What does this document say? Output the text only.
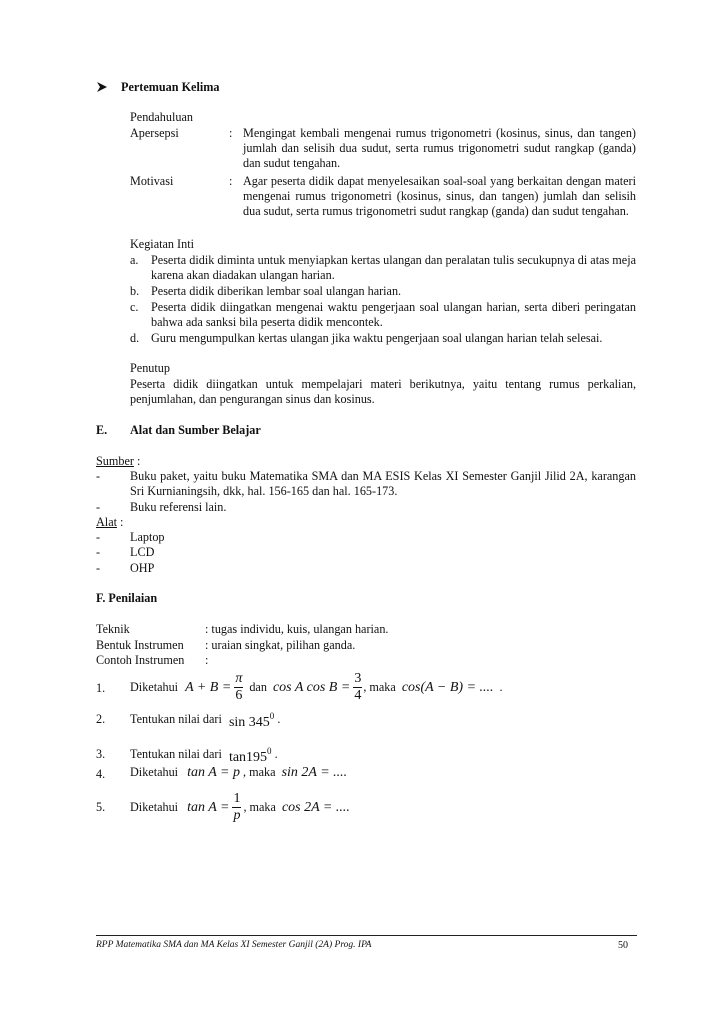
Pertemuan Kelima
Pendahuluan
Apersepsi	: Mengingat kembali mengenai rumus trigonometri (kosinus, sinus, dan tangen) jumlah dan selisih dua sudut, serta rumus trigonometri sudut rangkap (ganda) dan sudut tengahan.
Motivasi	: Agar peserta didik dapat menyelesaikan soal-soal yang berkaitan dengan materi mengenai rumus trigonometri (kosinus, sinus, dan tangen) jumlah dan selisih dua sudut, serta rumus trigonometri sudut rangkap (ganda) dan sudut tengahan.
Kegiatan Inti
a. Peserta didik diminta untuk menyiapkan kertas ulangan dan peralatan tulis secukupnya di atas meja karena akan diadakan ulangan harian.
b. Peserta didik diberikan lembar soal ulangan harian.
c. Peserta didik diingatkan mengenai waktu pengerjaan soal ulangan harian, serta diberi peringatan bahwa ada sanksi bila peserta didik mencontek.
d. Guru mengumpulkan kertas ulangan jika waktu pengerjaan soal ulangan harian telah selesai.
Penutup
Peserta didik diingatkan untuk mempelajari materi berikutnya, yaitu tentang rumus perkalian, penjumlahan, dan pengurangan sinus dan kosinus.
E. Alat dan Sumber Belajar
Sumber :
- Buku paket, yaitu buku Matematika SMA dan MA ESIS Kelas XI Semester Ganjil Jilid 2A, karangan Sri Kurnianingsih, dkk, hal. 156-165 dan hal. 165-173.
- Buku referensi lain.
Alat :
- Laptop
- LCD
- OHP
F. Penilaian
Teknik	: tugas individu, kuis, ulangan harian.
Bentuk Instrumen : uraian singkat, pilihan ganda.
Contoh Instrumen :
1. Diketahui $A + B = \frac{\pi}{6}$ dan cos A $\cos B = \frac{3}{4}$ , maka cos(A − B) = .... .
2. Tentukan nilai dari $\sin 345^0$ .
3. Tentukan nilai dari $\tan 195^0$ .
4. Diketahui tan A = p , maka sin 2A = ....
5. Diketahui $\tan A = \frac{1}{p}$ , maka cos 2A = ....
RPP Matematika SMA dan MA Kelas XI Semester Ganjil (2A) Prog. IPA	50
